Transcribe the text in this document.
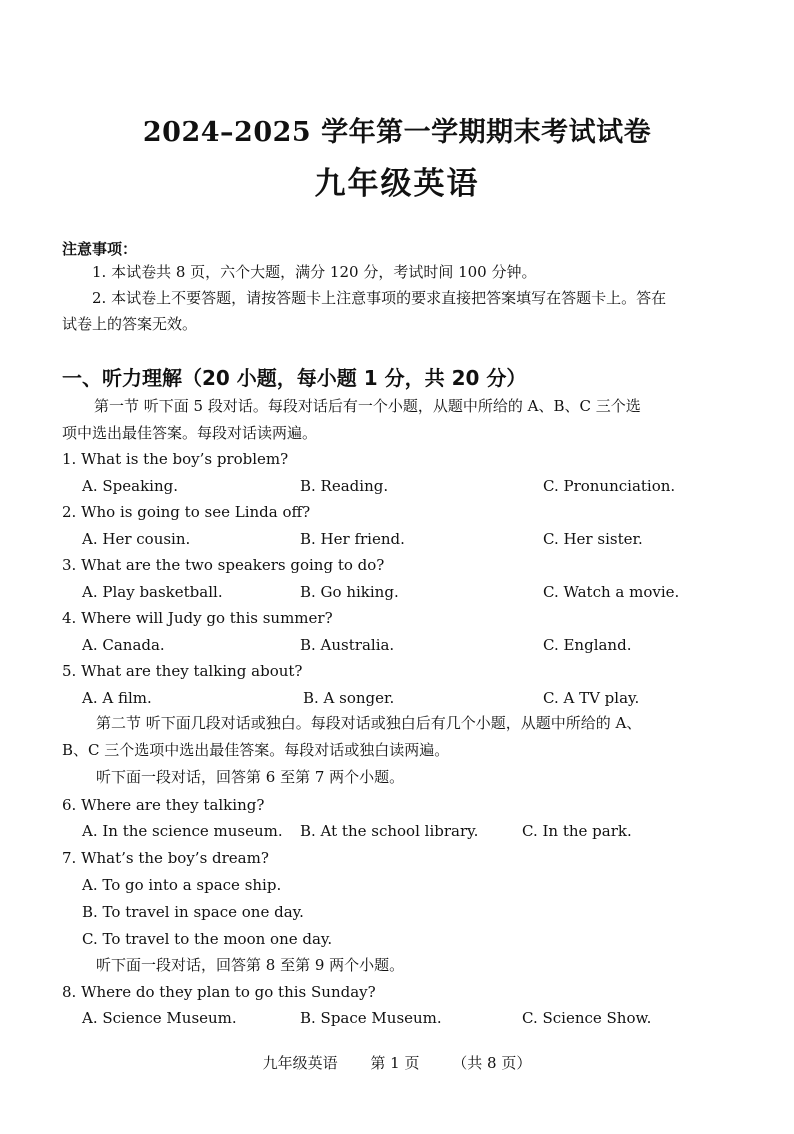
2024–2025 学年第一学期期末考试试卷
九年级英语
注意事项：
1. 本试卷共 8 页，六个大题，满分 120 分，考试时间 100 分钟。
2. 本试卷上不要答题，请按答题卡上注意事项的要求直接把答案填写在答题卡上。答在
试卷上的答案无效。
一、听力理解（20 小题，每小题 1 分，共 20 分）
第一节 听下面 5 段对话。每段对话后有一个小题，从题中所给的 A、B、C 三个选
项中选出最佳答案。每段对话读两遍。
1. What is the boy’s problem?
A. Speaking.	B. Reading.	C. Pronunciation.
2. Who is going to see Linda off?
A. Her cousin.	B. Her friend.	C. Her sister.
3. What are the two speakers going to do?
A. Play basketball.	B. Go hiking.	C. Watch a movie.
4. Where will Judy go this summer?
A. Canada.	B. Australia.	C. England.
5. What are they talking about?
A. A film.	B. A songer.	C. A TV play.
第二节 听下面几段对话或独白。每段对话或独白后有几个小题，从题中所给的 A、
B、C 三个选项中选出最佳答案。每段对话或独白读两遍。
听下面一段对话，回答第 6 至第 7 两个小题。
6. Where are they talking?
A. In the science museum. B. At the school library.	C. In the park.
7. What’s the boy’s dream?
A. To go into a space ship.
B. To travel in space one day.
C. To travel to the moon one day.
听下面一段对话，回答第 8 至第 9 两个小题。
8. Where do they plan to go this Sunday?
A. Science Museum.	B. Space Museum.	C. Science Show.
九年级英语 第 1 页 （共 8 页）
